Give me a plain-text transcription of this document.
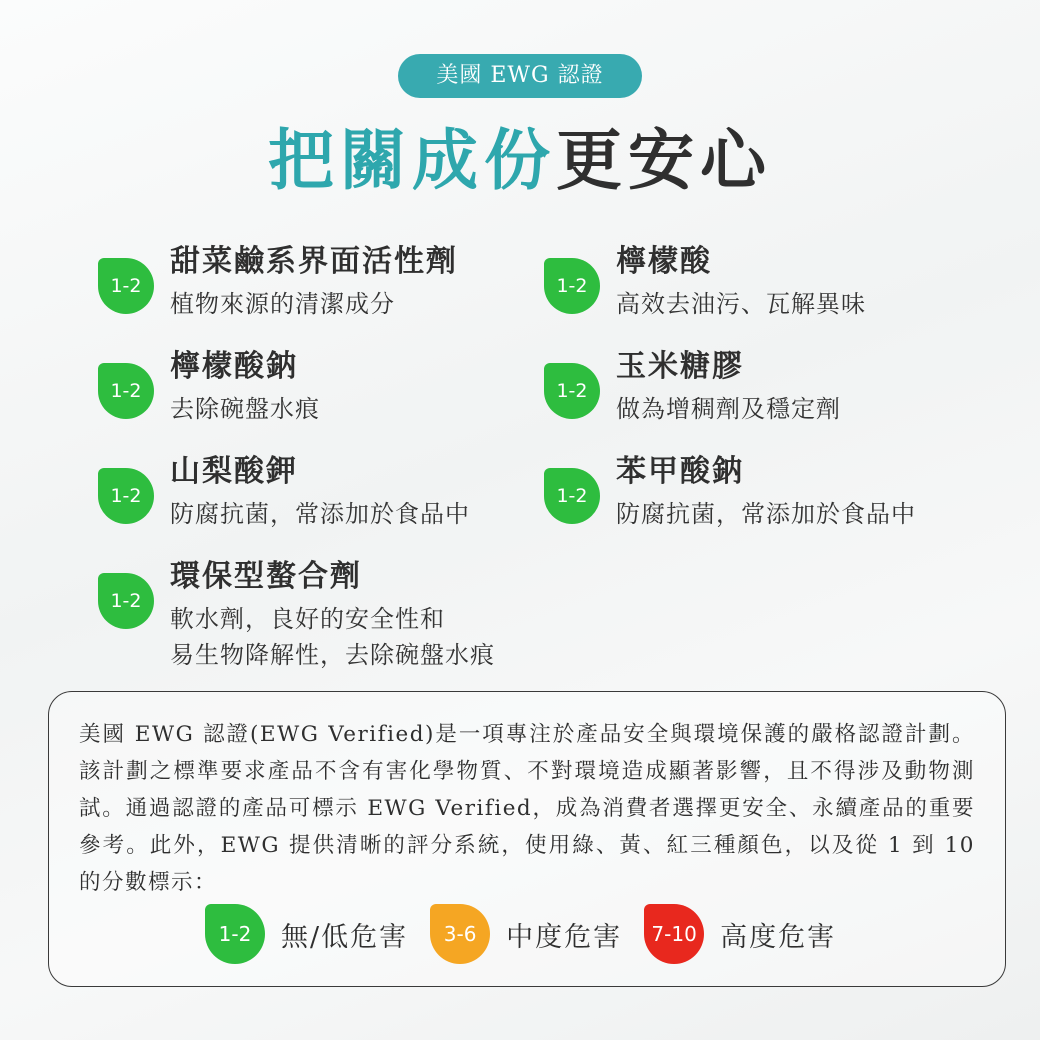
美國 EWG 認證
把關成份更安心
1-2
甜菜鹼系界面活性劑
植物來源的清潔成分
1-2
檸檬酸
高效去油污、瓦解異味
1-2
檸檬酸鈉
去除碗盤水痕
1-2
玉米糖膠
做為增稠劑及穩定劑
1-2
山梨酸鉀
防腐抗菌，常添加於食品中
1-2
苯甲酸鈉
防腐抗菌，常添加於食品中
1-2
環保型螯合劑
軟水劑，良好的安全性和
易生物降解性，去除碗盤水痕
美國 EWG 認證(EWG Verified)是一項專注於產品安全與環境保護的嚴格認證計劃。該計劃之標準要求產品不含有害化學物質、不對環境造成顯著影響，且不得涉及動物測試。通過認證的產品可標示 EWG Verified，成為消費者選擇更安全、永續產品的重要參考。此外，EWG 提供清晰的評分系統，使用綠、黃、紅三種顏色，以及從 1 到 10 的分數標示：
1-2	無/低危害	3-6	中度危害	7-10 高度危害
